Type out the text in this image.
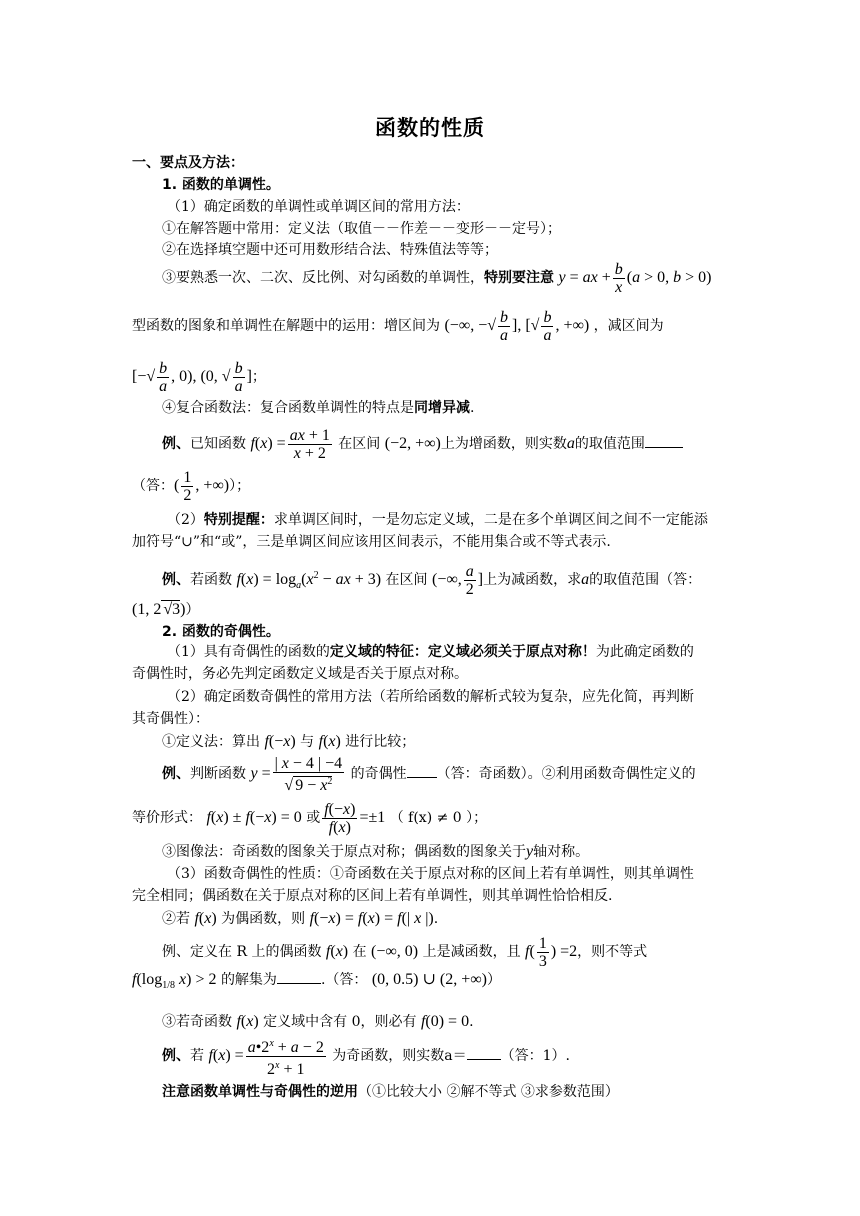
函数的性质
一、要点及方法：
1. 函数的单调性。
（1）确定函数的单调性或单调区间的常用方法：
①在解答题中常用：定义法（取值－－作差－－变形－－定号）；
②在选择填空题中还可用数形结合法、特殊值法等等；
③要熟悉一次、二次、反比例、对勾函数的单调性，特别要注意 y = ax + $\frac{b}{x} (a > 0$, b > 0)
型函数的图象和单调性在解题中的运用：增区间为 (−∞, −√ $\frac{b}{a}$ ], [√ $\frac{b}{a}$ , +∞) ，减区间为
[−√ $\frac{b}{a}$ , 0), (0, √ $\frac{b}{a}$ ]；
④复合函数法：复合函数单调性的特点是同增异减.
例、已知函数 $f(x) = \frac{ax + 1}{x + 2}$ 在区间 (−2, +∞)上为增函数，则实数a的取值范围
（答：( $\frac{1}{2}$ , +∞)）；
（2）特别提醒：求单调区间时，一是勿忘定义域，二是在多个单调区间之间不一定能添
加符号“∪”和“或”，三是单调区间应该用区间表示，不能用集合或不等式表示.
例、若函数 $f(x) = \log_a(x^2$ − ax + 3) 在区间 (−∞, $\frac{a}{2}$ ]上为减函数，求a的取值范围（答：
(1, 2 √3)）
2. 函数的奇偶性。
（1）具有奇偶性的函数的定义域的特征：定义域必须关于原点对称！为此确定函数的
奇偶性时，务必先判定函数定义域是否关于原点对称。
（2）确定函数奇偶性的常用方法（若所给函数的解析式较为复杂，应先化简，再判断
其奇偶性）：
①定义法：算出 f(−x) 与 f(x) 进行比较；
例、判断函数 $y = \frac{| x - 4 | -4}{√ 9 - x^2}$ 的奇偶性 （答：奇函数）。②利用函数奇偶性定义的
等价形式： f(x) ± f(−x) = 0 或 $\frac{f(-x)}{f(x)} =\pm 1$ （ f(x) ≠ 0 ）；
③图像法：奇函数的图象关于原点对称；偶函数的图象关于y轴对称。
（3）函数奇偶性的性质：①奇函数在关于原点对称的区间上若有单调性，则其单调性
完全相同；偶函数在关于原点对称的区间上若有单调性，则其单调性恰恰相反.
②若 f(x) 为偶函数，则 f(−x) = f(x) = f(| x |).
例、定义在 R 上的偶函数 f(x) 在 (−∞, 0) 上是减函数，且 $f( \frac{1}{3}$ ) =2，则不等式
$f(\log_{1/8}$ x) > 2 的解集为	.（答： (0, 0.5) ∪ (2, +∞)）
③若奇函数 f(x) 定义域中含有 0，则必有 f(0) = 0.
例、若 $f(x) = \frac{a•2^x + a - 2}{2^x + 1}$ 为奇函数，则实数a＝ （答：1）.
注意函数单调性与奇偶性的逆用（①比较大小 ②解不等式 ③求参数范围）
